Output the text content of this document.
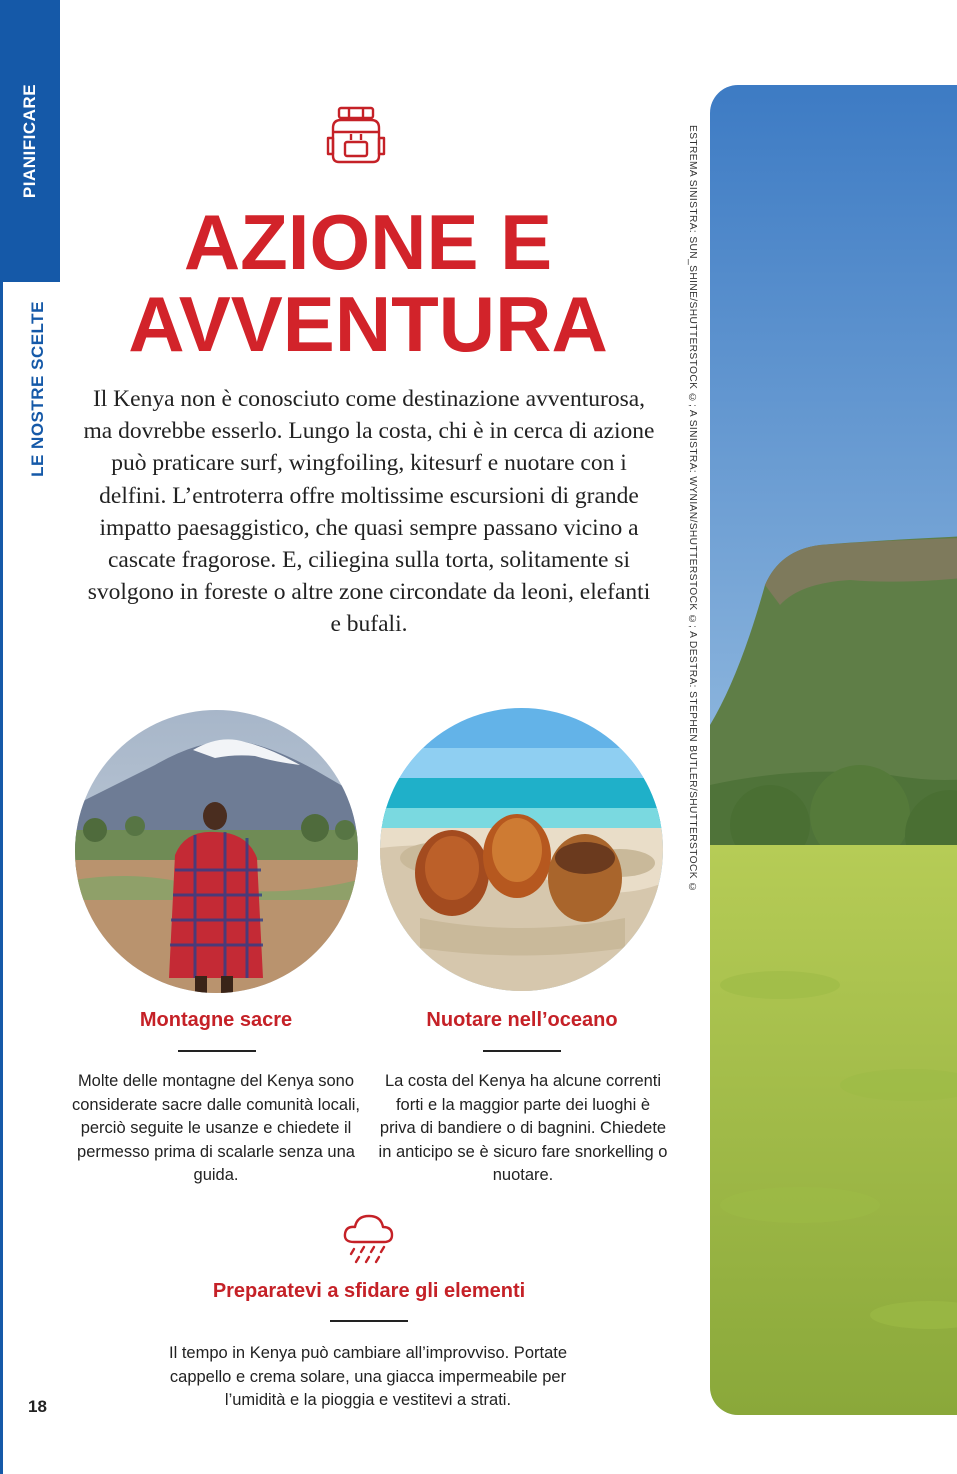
PIANIFICARE
LE NOSTRE SCELTE
AZIONE E
AVVENTURA
Il Kenya non è conosciuto come destinazione avventurosa, ma dovrebbe esserlo. Lungo la costa, chi è in cerca di azione può praticare surf, wingfoiling, kitesurf e nuotare con i delfini. L’entroterra offre moltissime escursioni di grande impatto paesaggistico, che quasi sempre passano vicino a cascate fragorose. E, ciliegina sulla torta, solitamente si svolgono in foreste o altre zone circondate da leoni, elefanti e bufali.
Montagne sacre
Molte delle montagne del Kenya sono considerate sacre dalle comunità locali, perciò seguite le usanze e chiedete il permesso prima di scalarle senza una guida.
Nuotare nell’oceano
La costa del Kenya ha alcune correnti forti e la maggior parte dei luoghi è priva di bandiere o di bagnini. Chiedete in anticipo se è sicuro fare snorkelling o nuotare.
Preparatevi a sfidare gli elementi
Il tempo in Kenya può cambiare all’improvviso. Portate cappello e crema solare, una giacca impermeabile per l’umidità e la pioggia e vestitevi a strati.
18
ESTREMA SINISTRA: SUN_SHINE/SHUTTERSTOCK ©; A SINISTRA: WYNIAN/SHUTTERSTOCK ©; A DESTRA: STEPHEN BUTLER/SHUTTERSTOCK ©
